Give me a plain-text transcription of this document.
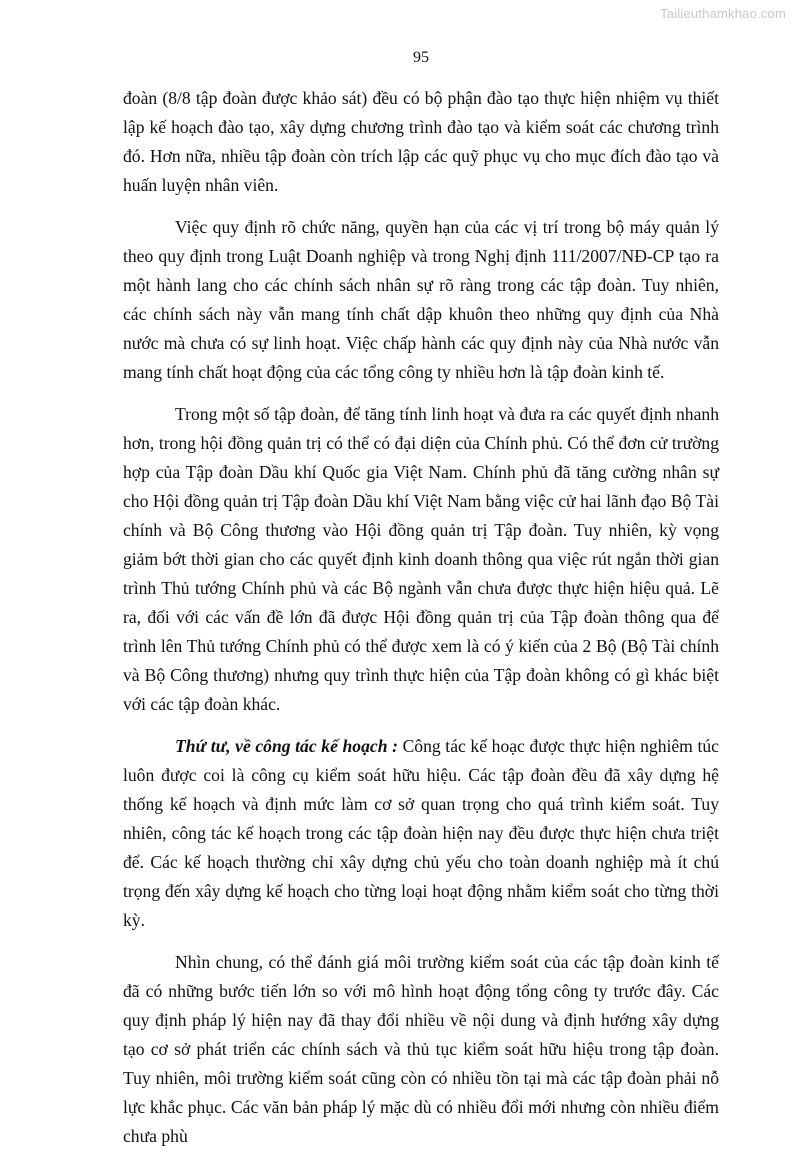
Tailieuthamkhao.com
95

đoàn (8/8 tập đoàn được khảo sát) đều có bộ phận đào tạo thực hiện nhiệm vụ thiết lập kế hoạch đào tạo, xây dựng chương trình đào tạo và kiểm soát các chương trình đó. Hơn nữa, nhiều tập đoàn còn trích lập các quỹ phục vụ cho mục đích đào tạo và huấn luyện nhân viên.

Việc quy định rõ chức năng, quyền hạn của các vị trí trong bộ máy quản lý theo quy định trong Luật Doanh nghiệp và trong Nghị định 111/2007/NĐ-CP tạo ra một hành lang cho các chính sách nhân sự rõ ràng trong các tập đoàn. Tuy nhiên, các chính sách này vẫn mang tính chất dập khuôn theo những quy định của Nhà nước mà chưa có sự linh hoạt. Việc chấp hành các quy định này của Nhà nước vẫn mang tính chất hoạt động của các tổng công ty nhiều hơn là tập đoàn kinh tế.

Trong một số tập đoàn, để tăng tính linh hoạt và đưa ra các quyết định nhanh hơn, trong hội đồng quản trị có thể có đại diện của Chính phủ. Có thể đơn cử trường hợp của Tập đoàn Dầu khí Quốc gia Việt Nam. Chính phủ đã tăng cường nhân sự cho Hội đồng quản trị Tập đoàn Dầu khí Việt Nam bằng việc cử hai lãnh đạo Bộ Tài chính và Bộ Công thương vào Hội đồng quản trị Tập đoàn. Tuy nhiên, kỳ vọng giảm bớt thời gian cho các quyết định kinh doanh thông qua việc rút ngắn thời gian trình Thủ tướng Chính phủ và các Bộ ngành vẫn chưa được thực hiện hiệu quả. Lẽ ra, đối với các vấn đề lớn đã được Hội đồng quản trị của Tập đoàn thông qua để trình lên Thủ tướng Chính phủ có thể được xem là có ý kiến của 2 Bộ (Bộ Tài chính và Bộ Công thương) nhưng quy trình thực hiện của Tập đoàn không có gì khác biệt với các tập đoàn khác.

Thứ tư, về công tác kế hoạch : Công tác kế hoạc được thực hiện nghiêm túc luôn được coi là công cụ kiểm soát hữu hiệu. Các tập đoàn đều đã xây dựng hệ thống kế hoạch và định mức làm cơ sở quan trọng cho quá trình kiểm soát. Tuy nhiên, công tác kế hoạch trong các tập đoàn hiện nay đều được thực hiện chưa triệt để. Các kế hoạch thường chỉ xây dựng chủ yếu cho toàn doanh nghiệp mà ít chú trọng đến xây dựng kế hoạch cho từng loại hoạt động nhằm kiểm soát cho từng thời kỳ.

Nhìn chung, có thể đánh giá môi trường kiểm soát của các tập đoàn kinh tế đã có những bước tiến lớn so với mô hình hoạt động tổng công ty trước đây. Các quy định pháp lý hiện nay đã thay đổi nhiều về nội dung và định hướng xây dựng tạo cơ sở phát triển các chính sách và thủ tục kiểm soát hữu hiệu trong tập đoàn. Tuy nhiên, môi trường kiểm soát cũng còn có nhiều tồn tại mà các tập đoàn phải nỗ lực khắc phục. Các văn bản pháp lý mặc dù có nhiều đổi mới nhưng còn nhiều điểm chưa phù
